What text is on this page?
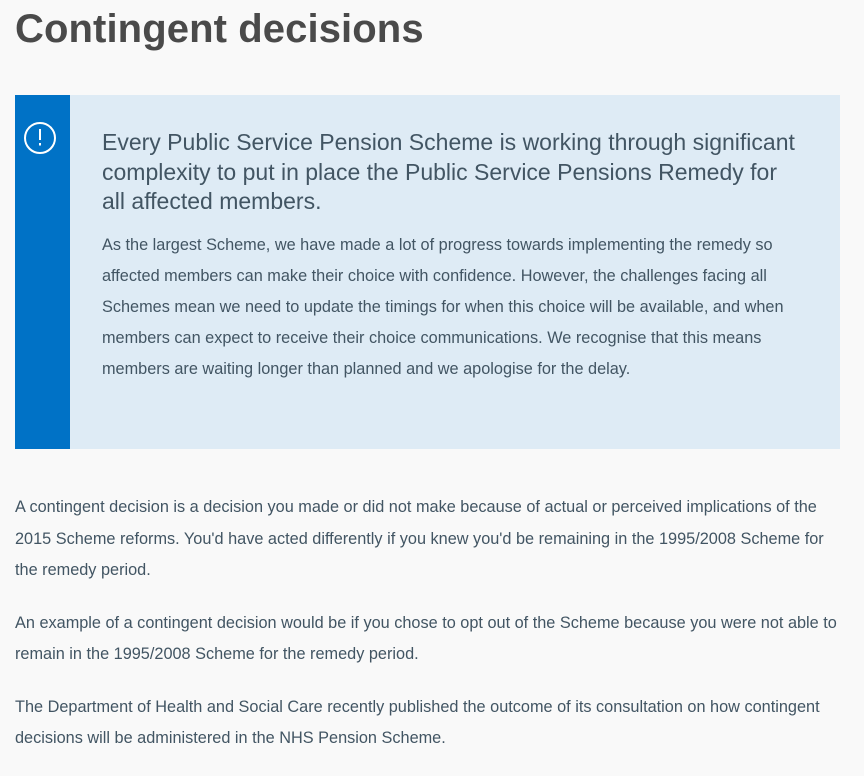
Contingent decisions

Every Public Service Pension Scheme is working through significant complexity to put in place the Public Service Pensions Remedy for all affected members.

As the largest Scheme, we have made a lot of progress towards implementing the remedy so affected members can make their choice with confidence. However, the challenges facing all Schemes mean we need to update the timings for when this choice will be available, and when members can expect to receive their choice communications. We recognise that this means members are waiting longer than planned and we apologise for the delay.

A contingent decision is a decision you made or did not make because of actual or perceived implications of the 2015 Scheme reforms. You'd have acted differently if you knew you'd be remaining in the 1995/2008 Scheme for the remedy period.

An example of a contingent decision would be if you chose to opt out of the Scheme because you were not able to remain in the 1995/2008 Scheme for the remedy period.

The Department of Health and Social Care recently published the outcome of its consultation on how contingent decisions will be administered in the NHS Pension Scheme.
